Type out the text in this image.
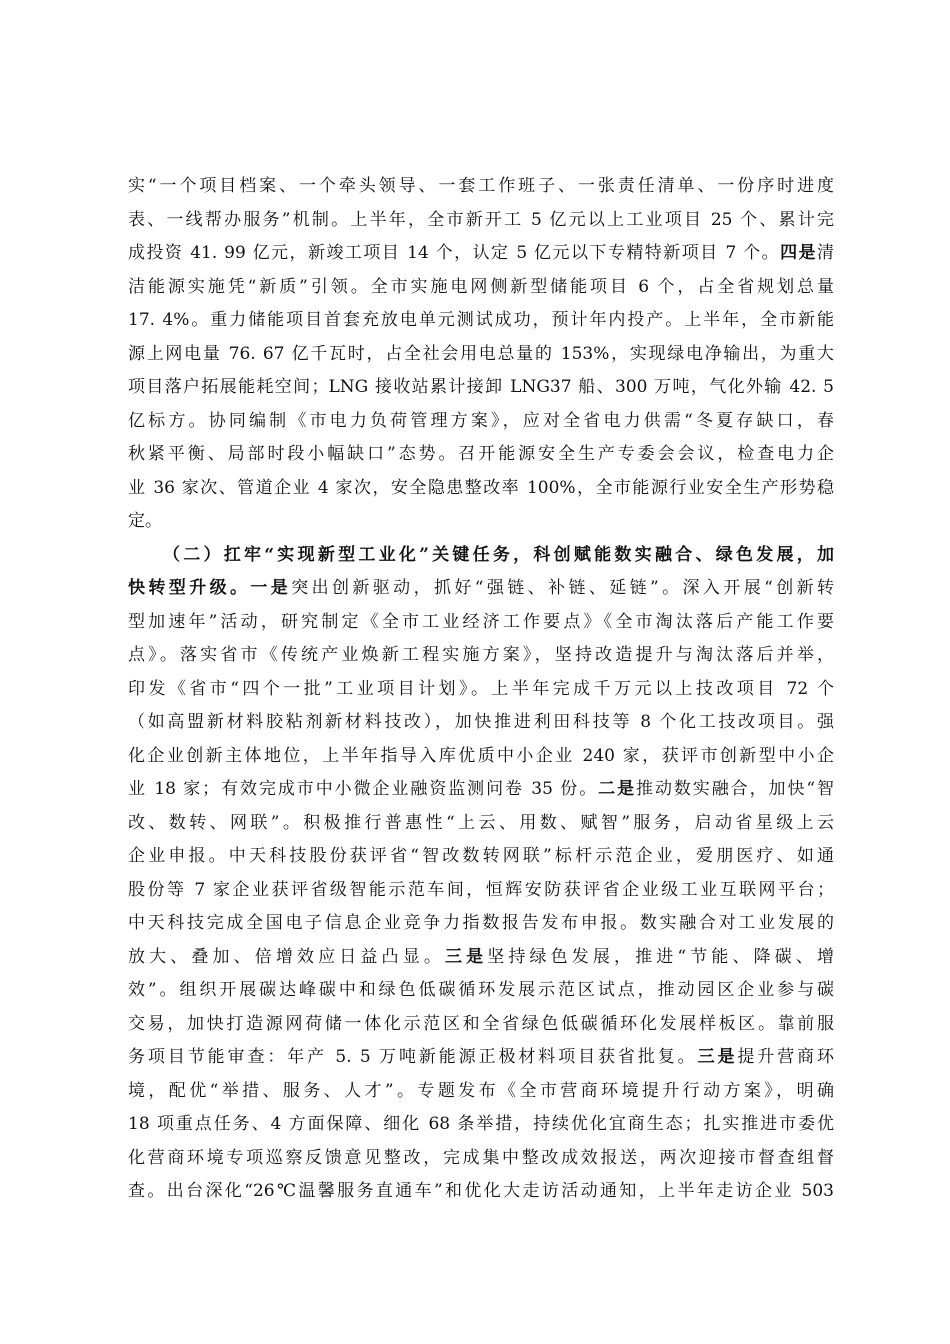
实“一个项目档案、一个牵头领导、一套工作班子、一张责任清单、一份序时进度
表、一线帮办服务”机制。上半年，全市新开工 5 亿元以上工业项目 25 个、累计完
成投资 41. 99 亿元，新竣工项目 14 个，认定 5 亿元以下专精特新项目 7 个。四是清
洁能源实施凭“新质”引领。全市实施电网侧新型储能项目 6 个，占全省规划总量
17. 4%。重力储能项目首套充放电单元测试成功，预计年内投产。上半年，全市新能
源上网电量 76. 67 亿千瓦时，占全社会用电总量的 153%，实现绿电净输出，为重大
项目落户拓展能耗空间；LNG 接收站累计接卸 LNG37 船、300 万吨，气化外输 42. 5
亿标方。协同编制《市电力负荷管理方案》，应对全省电力供需“冬夏存缺口，春
秋紧平衡、局部时段小幅缺口”态势。召开能源安全生产专委会会议，检查电力企
业 36 家次、管道企业 4 家次，安全隐患整改率 100%，全市能源行业安全生产形势稳
定。
（二）扛牢“实现新型工业化”关键任务，科创赋能数实融合、绿色发展，加
快转型升级。一是突出创新驱动，抓好“强链、补链、延链”。深入开展“创新转
型加速年”活动，研究制定《全市工业经济工作要点》《全市淘汰落后产能工作要
点》。落实省市《传统产业焕新工程实施方案》，坚持改造提升与淘汰落后并举，
印发《省市“四个一批”工业项目计划》。上半年完成千万元以上技改项目 72 个
（如高盟新材料胶粘剂新材料技改），加快推进利田科技等 8 个化工技改项目。强
化企业创新主体地位，上半年指导入库优质中小企业 240 家，获评市创新型中小企
业 18 家；有效完成市中小微企业融资监测问卷 35 份。二是推动数实融合，加快“智
改、数转、网联”。积极推行普惠性“上云、用数、赋智”服务，启动省星级上云
企业申报。中天科技股份获评省“智改数转网联”标杆示范企业，爱朋医疗、如通
股份等 7 家企业获评省级智能示范车间，恒辉安防获评省企业级工业互联网平台；
中天科技完成全国电子信息企业竞争力指数报告发布申报。数实融合对工业发展的
放大、叠加、倍增效应日益凸显。三是坚持绿色发展，推进“节能、降碳、增
效”。组织开展碳达峰碳中和绿色低碳循环发展示范区试点，推动园区企业参与碳
交易，加快打造源网荷储一体化示范区和全省绿色低碳循环化发展样板区。靠前服
务项目节能审查：年产 5. 5 万吨新能源正极材料项目获省批复。三是提升营商环
境，配优“举措、服务、人才”。专题发布《全市营商环境提升行动方案》，明确
18 项重点任务、4 方面保障、细化 68 条举措，持续优化宜商生态；扎实推进市委优
化营商环境专项巡察反馈意见整改，完成集中整改成效报送，两次迎接市督查组督
查。出台深化“26℃温馨服务直通车”和优化大走访活动通知，上半年走访企业 503
